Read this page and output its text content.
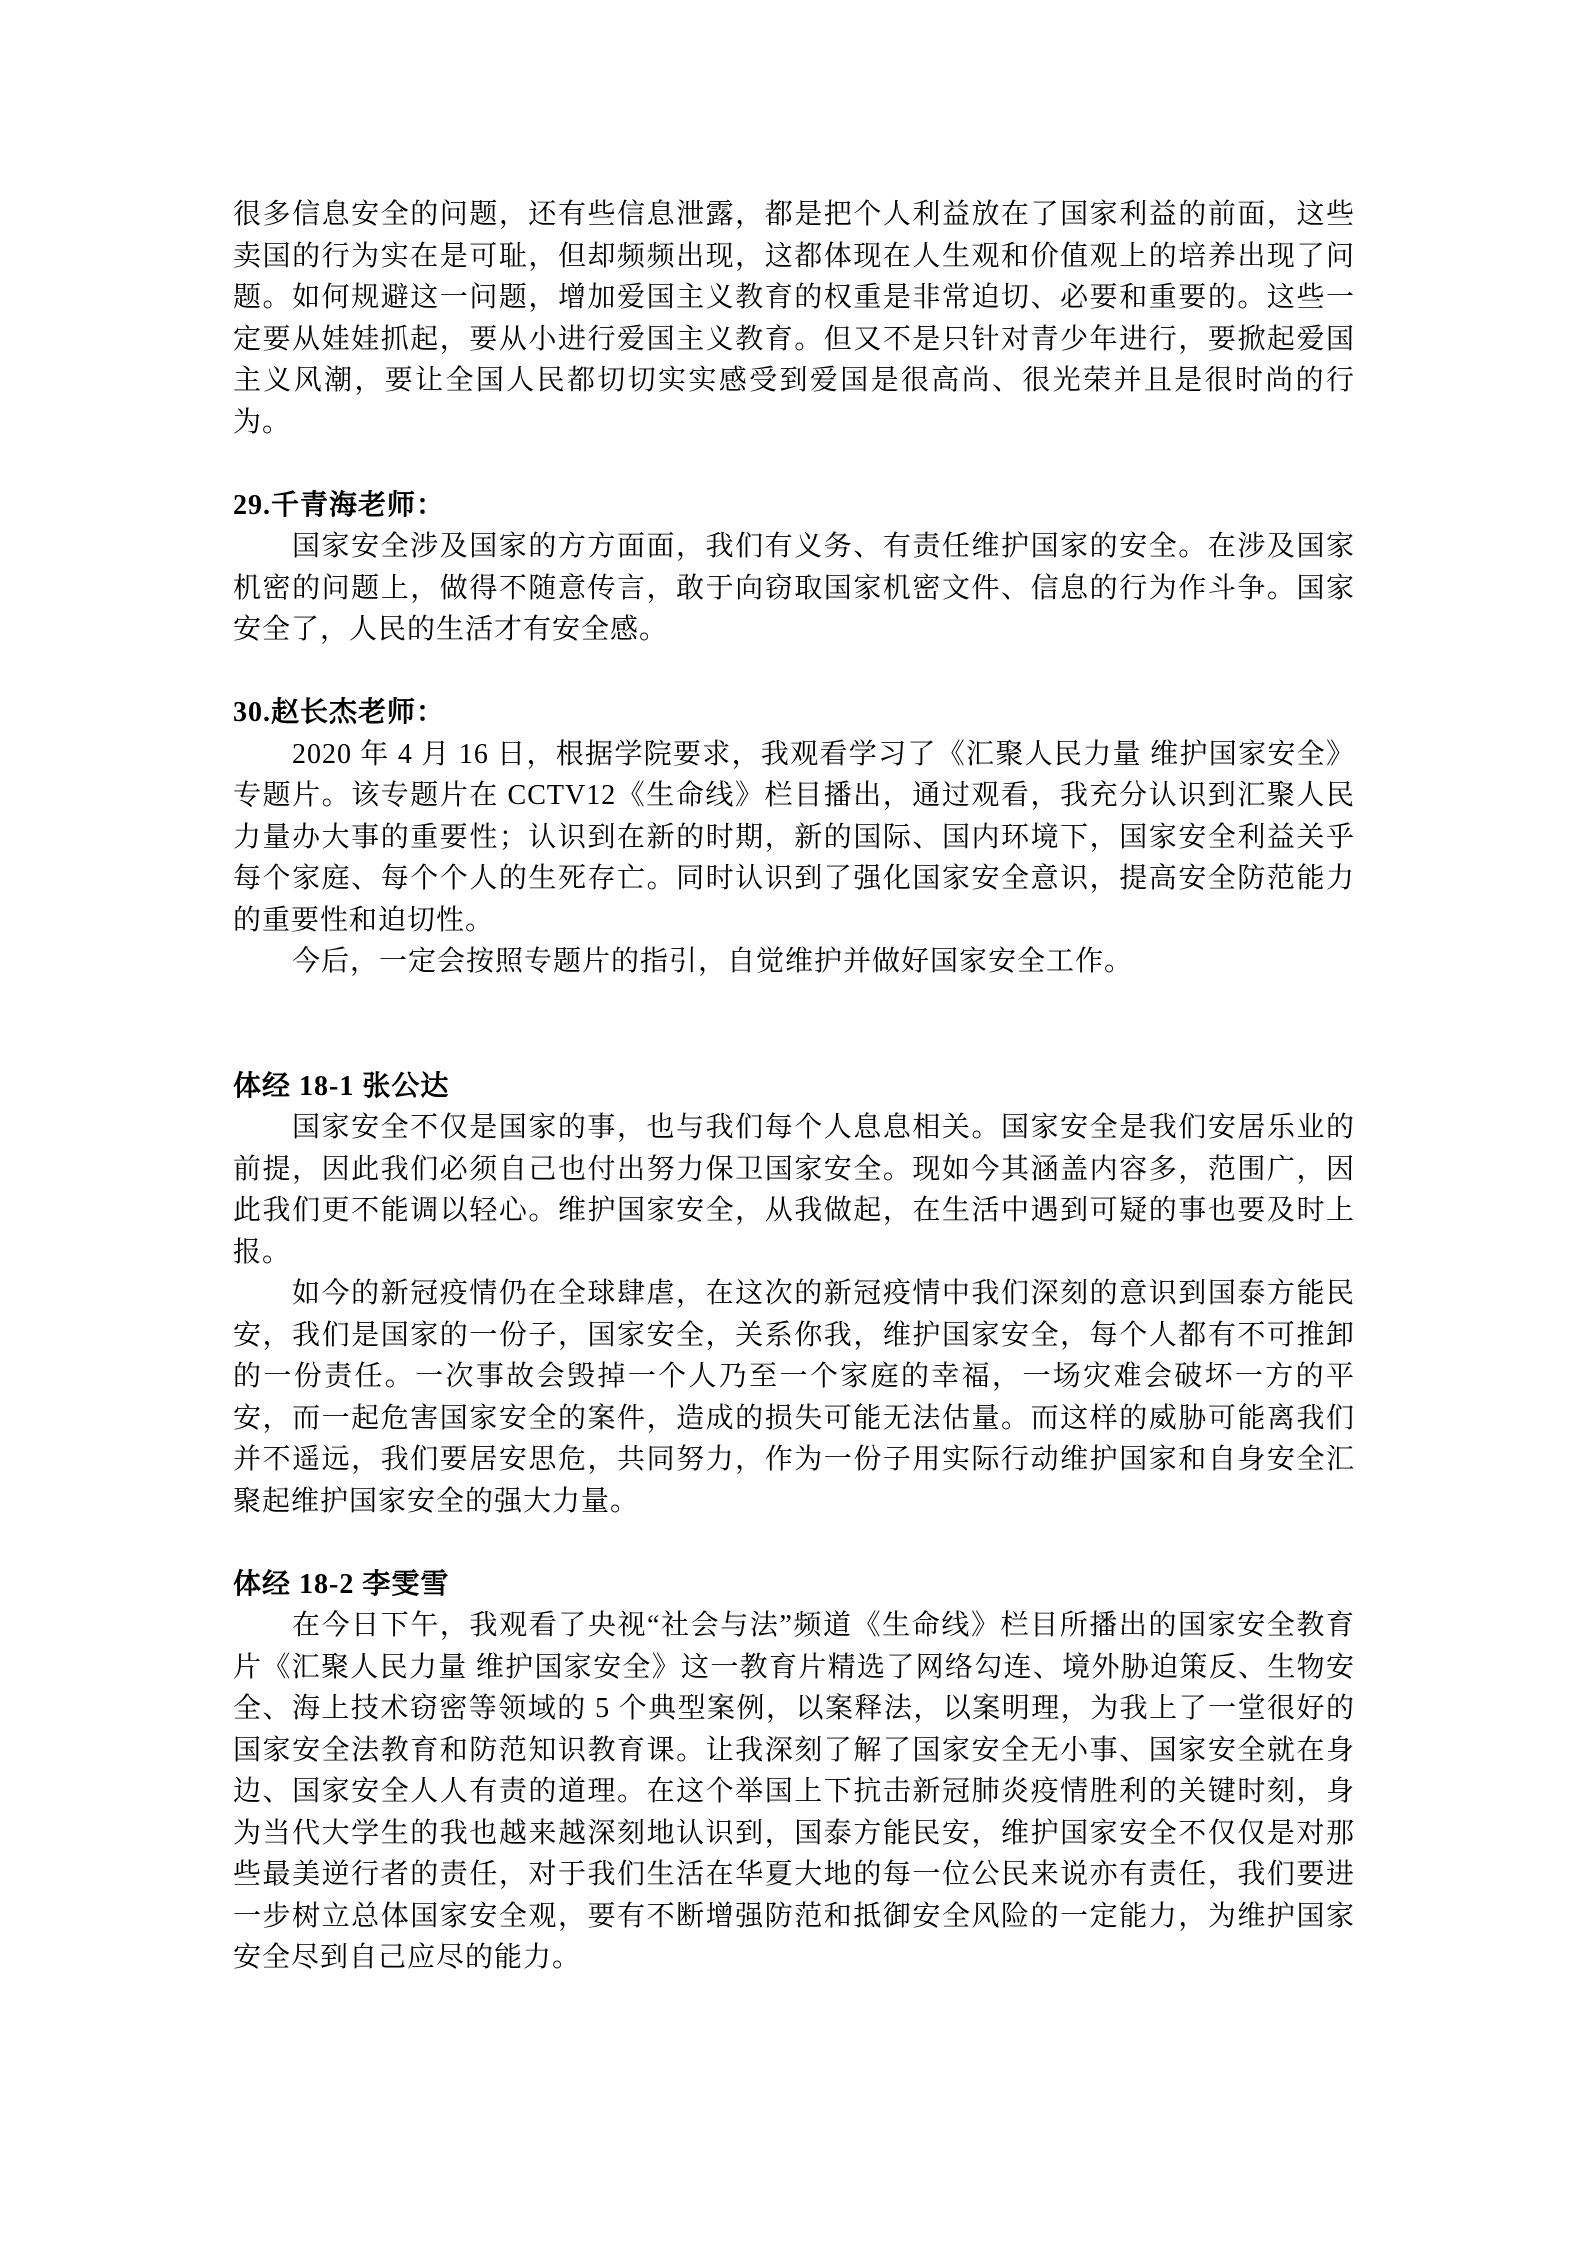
很多信息安全的问题，还有些信息泄露，都是把个人利益放在了国家利益的前面，这些卖国的行为实在是可耻，但却频频出现，这都体现在人生观和价值观上的培养出现了问题。如何规避这一问题，增加爱国主义教育的权重是非常迫切、必要和重要的。这些一定要从娃娃抓起，要从小进行爱国主义教育。但又不是只针对青少年进行，要掀起爱国主义风潮，要让全国人民都切切实实感受到爱国是很高尚、很光荣并且是很时尚的行为。

29.千青海老师：

国家安全涉及国家的方方面面，我们有义务、有责任维护国家的安全。在涉及国家机密的问题上，做得不随意传言，敢于向窃取国家机密文件、信息的行为作斗争。国家安全了，人民的生活才有安全感。

30.赵长杰老师：

2020 年 4 月 16 日，根据学院要求，我观看学习了《汇聚人民力量 维护国家安全》专题片。该专题片在 CCTV12《生命线》栏目播出，通过观看，我充分认识到汇聚人民力量办大事的重要性；认识到在新的时期，新的国际、国内环境下，国家安全利益关乎每个家庭、每个个人的生死存亡。同时认识到了强化国家安全意识，提高安全防范能力的重要性和迫切性。

今后，一定会按照专题片的指引，自觉维护并做好国家安全工作。

体经 18-1 张公达

国家安全不仅是国家的事，也与我们每个人息息相关。国家安全是我们安居乐业的前提，因此我们必须自己也付出努力保卫国家安全。现如今其涵盖内容多，范围广，因此我们更不能调以轻心。维护国家安全，从我做起，在生活中遇到可疑的事也要及时上报。

如今的新冠疫情仍在全球肆虐，在这次的新冠疫情中我们深刻的意识到国泰方能民安，我们是国家的一份子，国家安全，关系你我，维护国家安全，每个人都有不可推卸的一份责任。一次事故会毁掉一个人乃至一个家庭的幸福，一场灾难会破坏一方的平安，而一起危害国家安全的案件，造成的损失可能无法估量。而这样的威胁可能离我们并不遥远，我们要居安思危，共同努力，作为一份子用实际行动维护国家和自身安全汇聚起维护国家安全的强大力量。

体经 18-2 李雯雪

在今日下午，我观看了央视“社会与法”频道《生命线》栏目所播出的国家安全教育片《汇聚人民力量 维护国家安全》这一教育片精选了网络勾连、境外胁迫策反、生物安全、海上技术窃密等领域的 5 个典型案例，以案释法，以案明理，为我上了一堂很好的国家安全法教育和防范知识教育课。让我深刻了解了国家安全无小事、国家安全就在身边、国家安全人人有责的道理。在这个举国上下抗击新冠肺炎疫情胜利的关键时刻，身为当代大学生的我也越来越深刻地认识到，国泰方能民安，维护国家安全不仅仅是对那些最美逆行者的责任，对于我们生活在华夏大地的每一位公民来说亦有责任，我们要进一步树立总体国家安全观，要有不断增强防范和抵御安全风险的一定能力，为维护国家安全尽到自己应尽的能力。
